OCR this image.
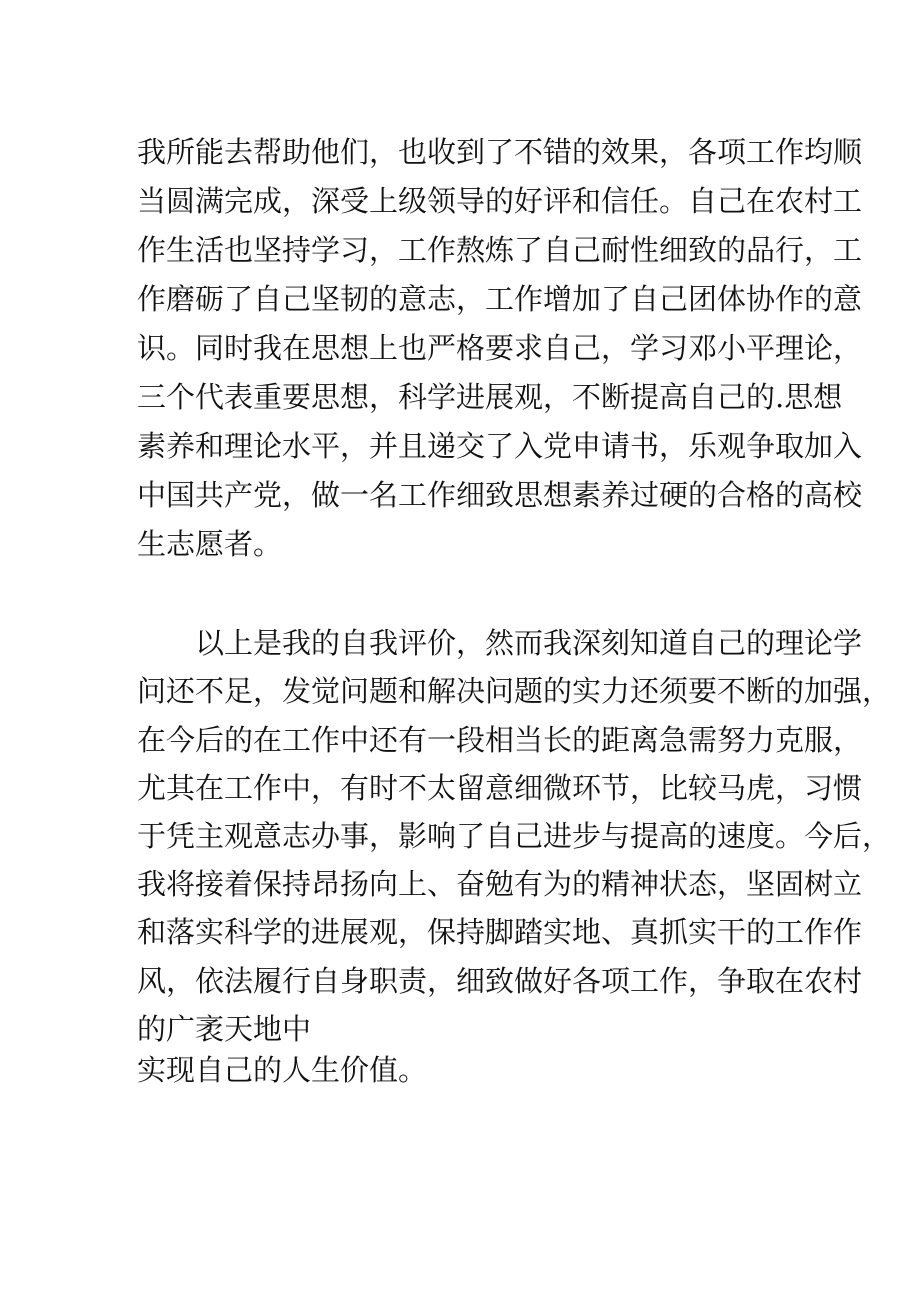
我所能去帮助他们，也收到了不错的效果，各项工作均顺
当圆满完成，深受上级领导的好评和信任。自己在农村工
作生活也坚持学习，工作熬炼了自己耐性细致的品行，工
作磨砺了自己坚韧的意志，工作增加了自己团体协作的意
识。同时我在思想上也严格要求自己，学习邓小平理论，
三个代表重要思想，科学进展观，不断提高自己的.思想
素养和理论水平，并且递交了入党申请书，乐观争取加入
中国共产党，做一名工作细致思想素养过硬的合格的高校
生志愿者。
以上是我的自我评价，然而我深刻知道自己的理论学
问还不足，发觉问题和解决问题的实力还须要不断的加强，
在今后的在工作中还有一段相当长的距离急需努力克服，
尤其在工作中，有时不太留意细微环节，比较马虎，习惯
于凭主观意志办事，影响了自己进步与提高的速度。今后，
我将接着保持昂扬向上、奋勉有为的精神状态，坚固树立
和落实科学的进展观，保持脚踏实地、真抓实干的工作作
风，依法履行自身职责，细致做好各项工作，争取在农村
的广袤天地中
实现自己的人生价值。
